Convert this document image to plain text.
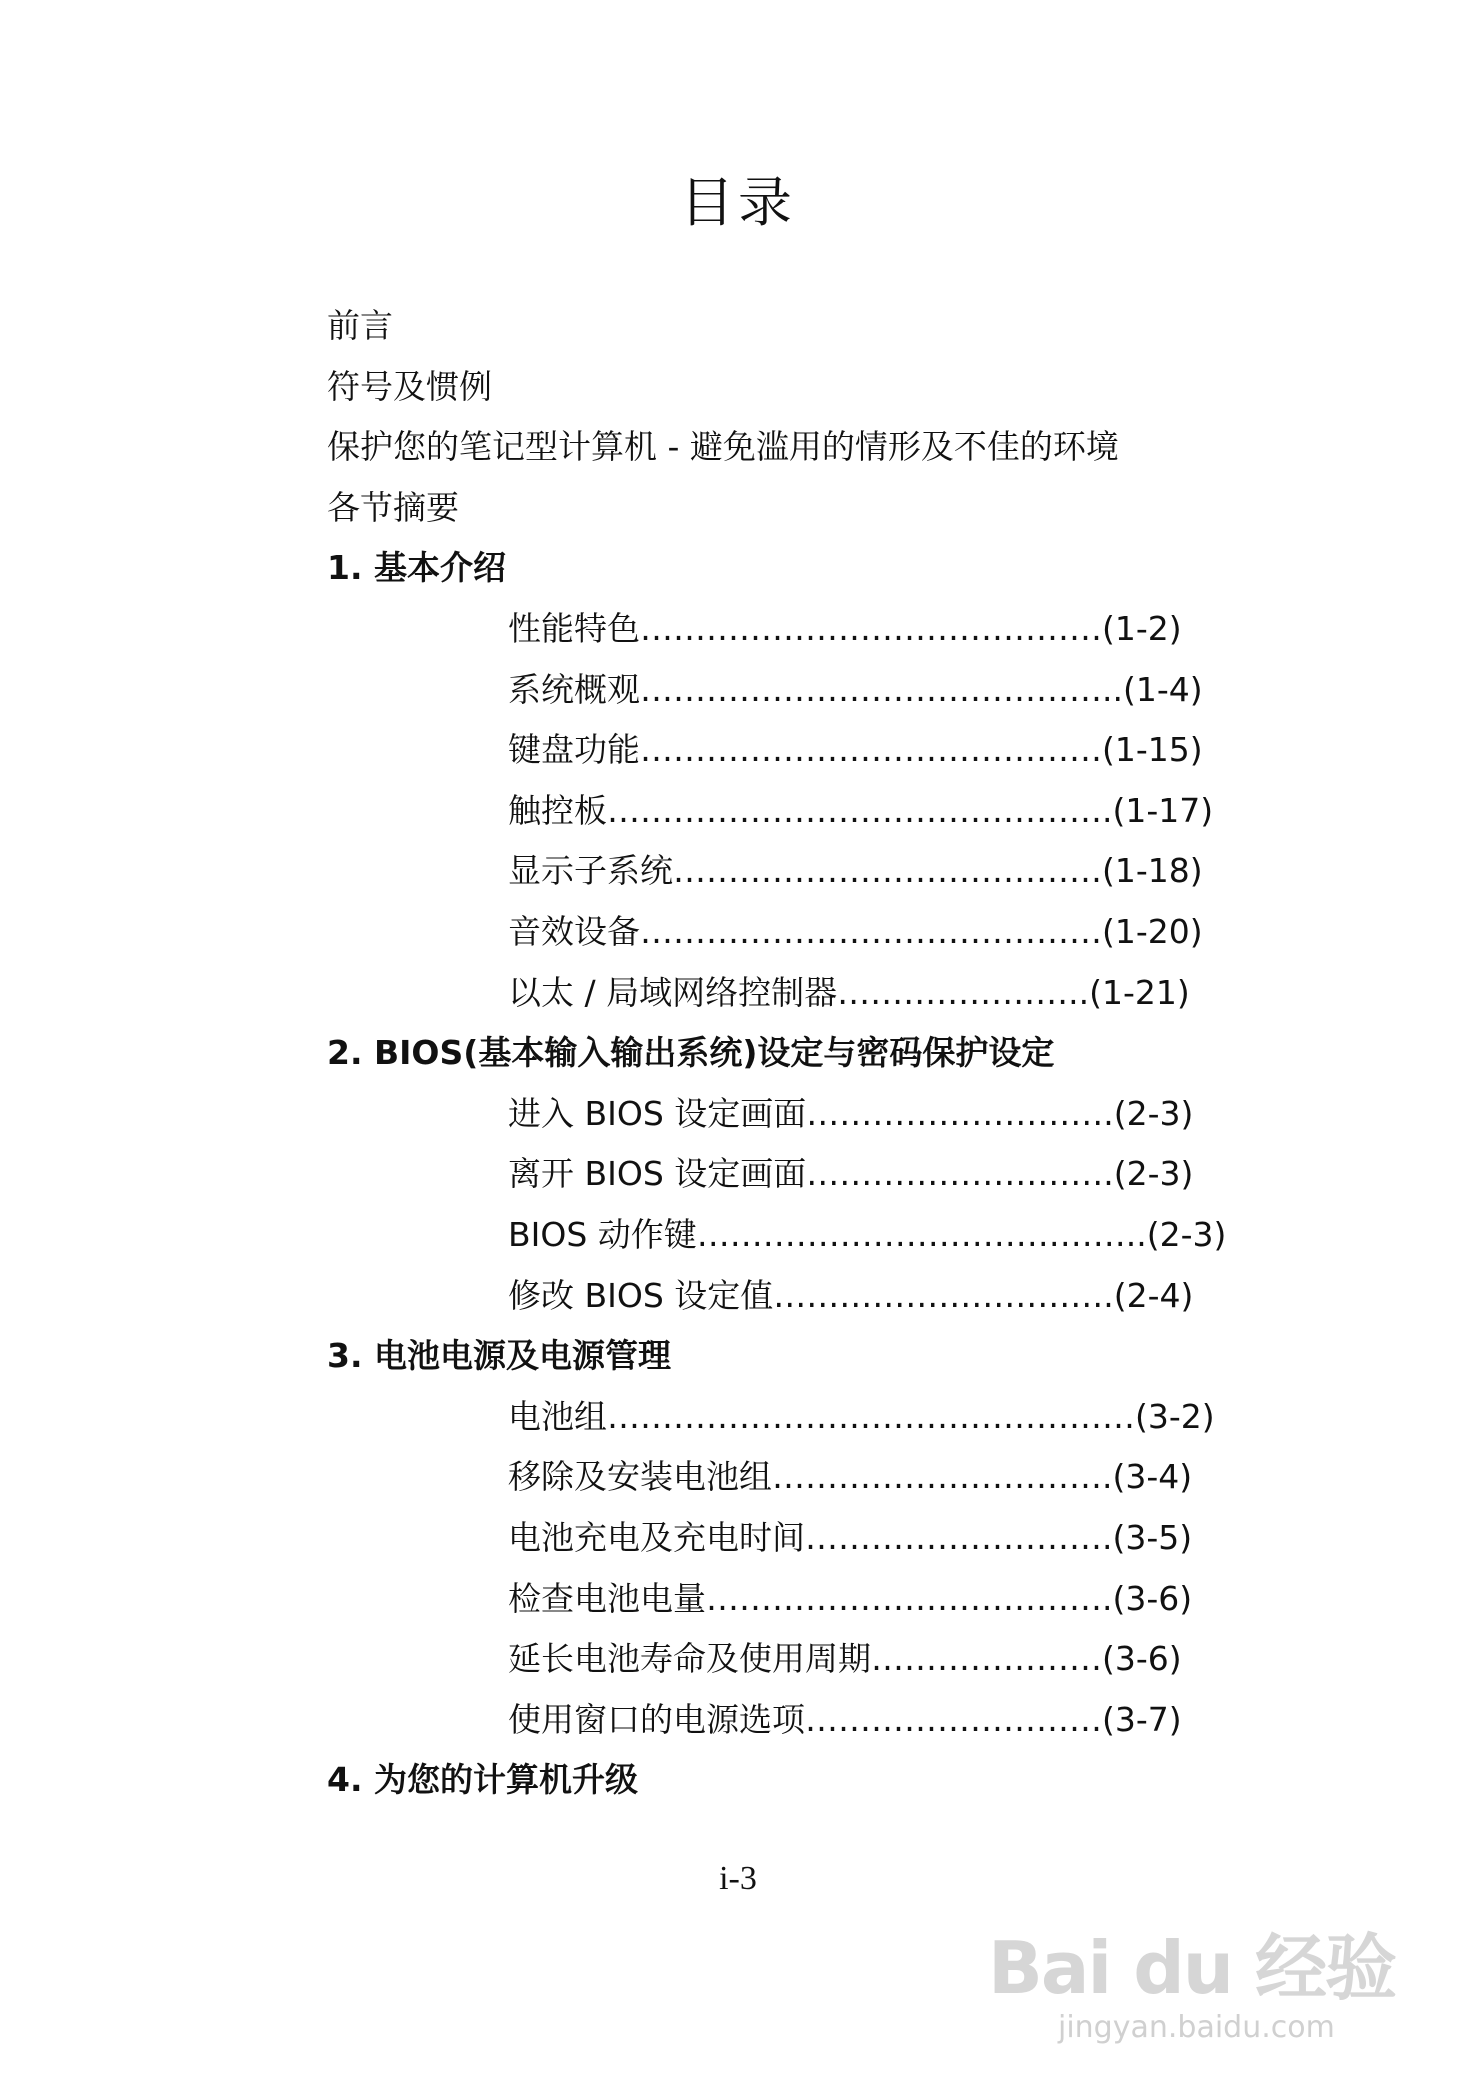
目录
前言
符号及惯例
保护您的笔记型计算机 - 避免滥用的情形及不佳的环境
各节摘要
1. 基本介绍
性能特色……………………………………(1-2)
系统概观……………………………………..(1-4)
键盘功能……………………………………(1-15)
触控板……………………………………….(1-17)
显示子系统…………………………………(1-18)
音效设备……………………………………(1-20)
以太 / 局域网络控制器…………………..(1-21)
2. BIOS(基本输入输出系统)设定与密码保护设定
进入 BIOS 设定画面……………………….(2-3)
离开 BIOS 设定画面……………………….(2-3)
BIOS 动作键…………………………………..(2-3)
修改 BIOS 设定值………………………….(2-4)
3. 电池电源及电源管理
电池组…………………………………………(3-2)
移除及安装电池组………………………….(3-4)
电池充电及充电时间……………………….(3-5)
检查电池电量……………………………….(3-6)
延长电池寿命及使用周期…………………(3-6)
使用窗口的电源选项………………………(3-7)
4. 为您的计算机升级
i-3
Bai du 经验
jingyan.baidu.com
